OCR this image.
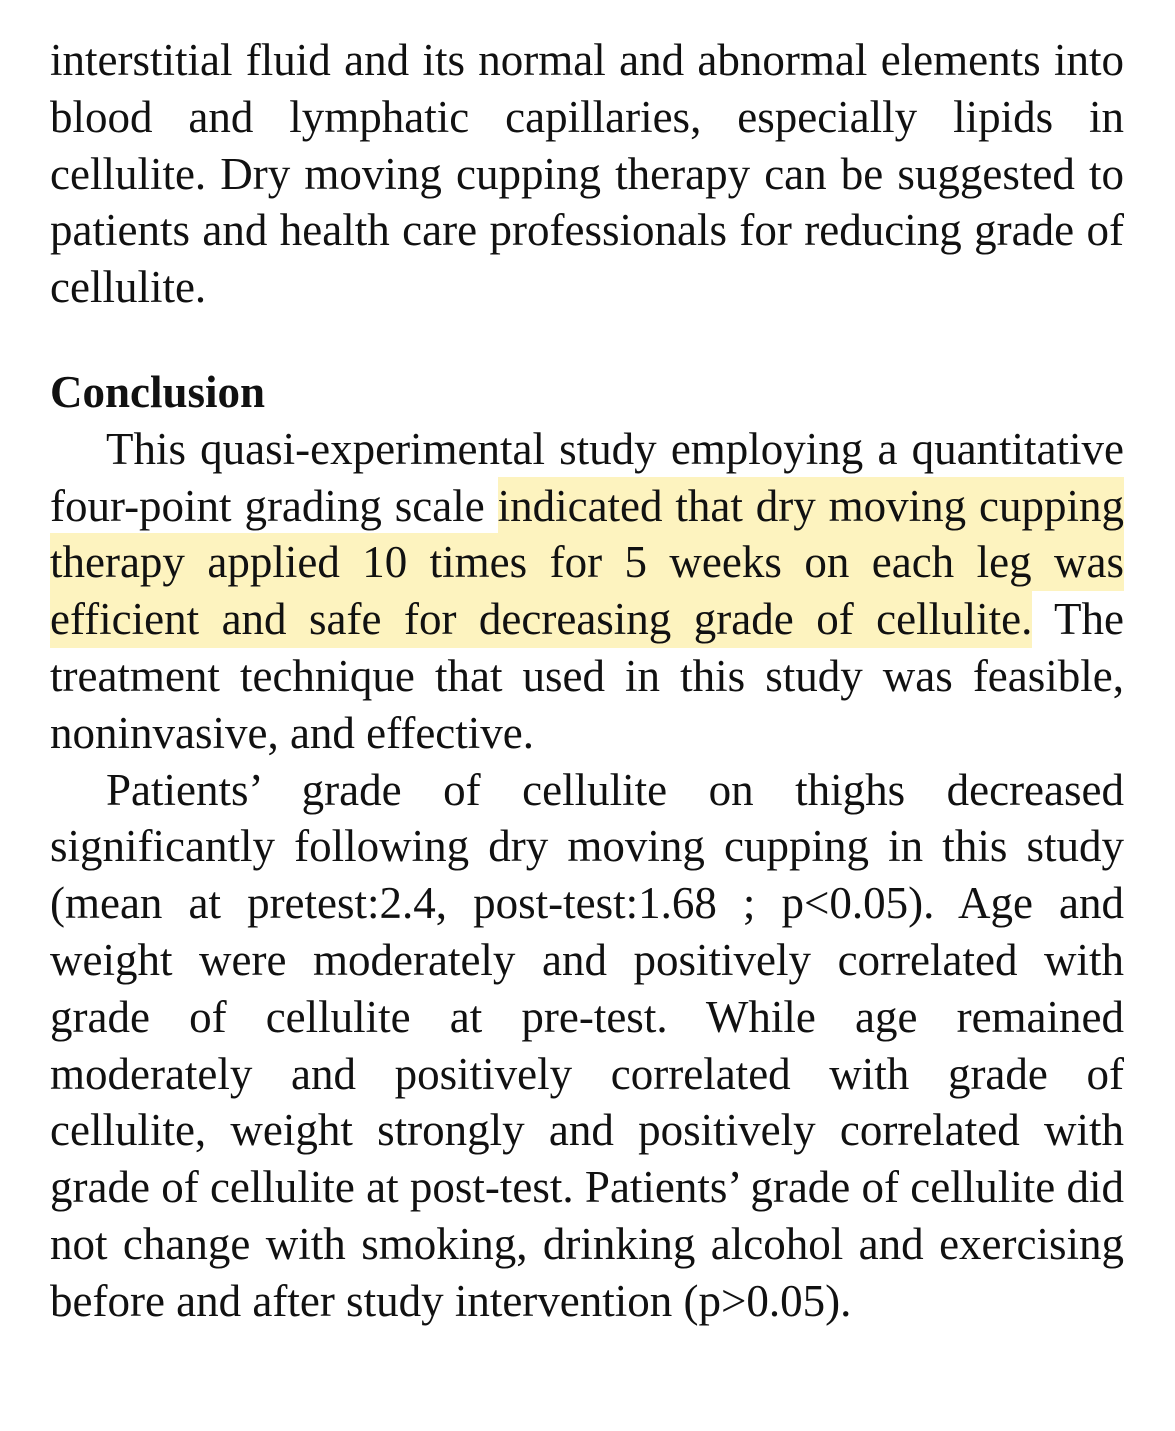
interstitial fluid and its normal and abnormal elements into blood and lymphatic capillaries, especially lipids in cellulite. Dry moving cupping therapy can be suggested to patients and health care professionals for reducing grade of cellulite.

Conclusion

This quasi-experimental study employing a quantitative four-point grading scale indicated that dry moving cupping therapy applied 10 times for 5 weeks on each leg was efficient and safe for decreasing grade of cellulite. The treatment technique that used in this study was feasible, noninvasive, and effective.

Patients’ grade of cellulite on thighs decreased significantly following dry moving cupping in this study (mean at pretest:2.4, post-test:1.68 ; p<0.05). Age and weight were moderately and positively correlated with grade of cellulite at pre-test. While age remained moderately and positively correlated with grade of cellulite, weight strongly and positively correlated with grade of cellulite at post-test. Patients’ grade of cellulite did not change with smoking, drinking alcohol and exercising before and after study intervention (p>0.05).
